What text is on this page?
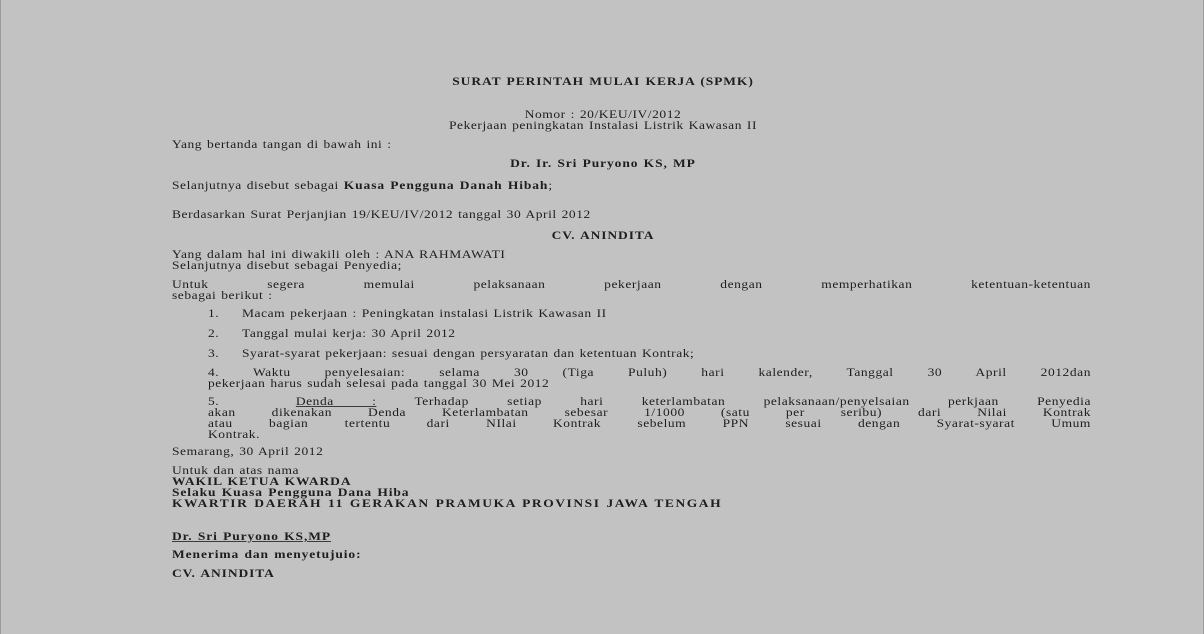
SURAT PERINTAH MULAI KERJA (SPMK)
Nomor : 20/KEU/IV/2012
Pekerjaan peningkatan Instalasi Listrik Kawasan II
Yang bertanda tangan di bawah ini :
Dr. Ir. Sri Puryono KS, MP
Selanjutnya disebut sebagai Kuasa Pengguna Danah Hibah;
Berdasarkan Surat Perjanjian 19/KEU/IV/2012 tanggal 30 April 2012
CV. ANINDITA
Yang dalam hal ini diwakili oleh : ANA RAHMAWATI
Selanjutnya disebut sebagai Penyedia;
Untuk segera memulai pelaksanaan pekerjaan dengan memperhatikan ketentuan-ketentuan
sebagai berikut :
1. Macam pekerjaan : Peningkatan instalasi Listrik Kawasan II
2. Tanggal mulai kerja: 30 April 2012
3. Syarat-syarat pekerjaan: sesuai dengan persyaratan dan ketentuan Kontrak;
4. Waktu penyelesaian: selama 30 (Tiga Puluh) hari kalender, Tanggal 30 April 2012dan
pekerjaan harus sudah selesai pada tanggal 30 Mei 2012
5.	Denda :	Terhadap setiap hari keterlambatan pelaksanaan/penyelsaian perkjaan Penyedia
akan dikenakan Denda Keterlambatan sebesar 1/1000 (satu per seribu) dari Nilai Kontrak
atau bagian tertentu dari NIlai Kontrak sebelum PPN sesuai dengan Syarat-syarat Umum
Kontrak.
Semarang, 30 April 2012
Untuk dan atas nama
WAKIL KETUA KWARDA
Selaku Kuasa Pengguna Dana Hiba
KWARTIR DAERAH 11 GERAKAN PRAMUKA PROVINSI JAWA TENGAH
Dr. Sri Puryono KS,MP
Menerima dan menyetujuio:
CV. ANINDITA
